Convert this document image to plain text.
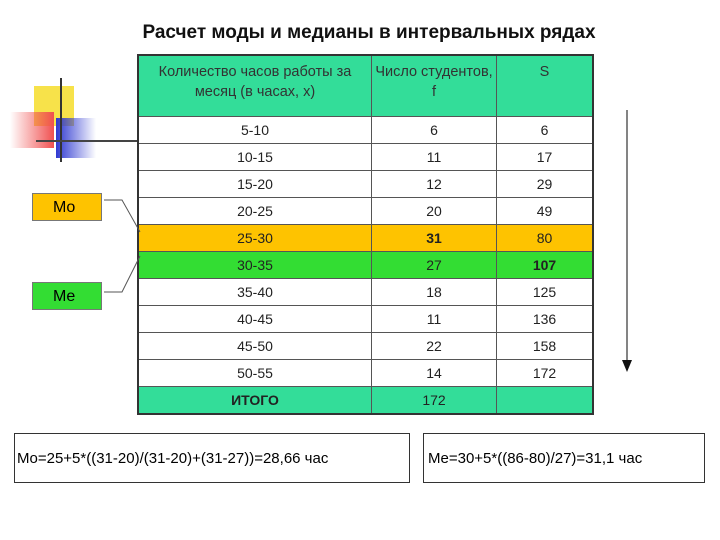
Расчет моды и медианы в интервальных рядах
Количество часов работы за месяц (в часах, x)	Число студентов, f	S
5-10	6	6
10-15	11	17
15-20	12	29
20-25	20	49
25-30	31	80
30-35	27	107
35-40	18	125
40-45	11	136
45-50	22	158
50-55	14	172
ИТОГО	172	
Mo
Me
Mo=25+5*((31-20)/(31-20)+(31-27))=28,66 час	Me=30+5*((86-80)/27)=31,1 час
